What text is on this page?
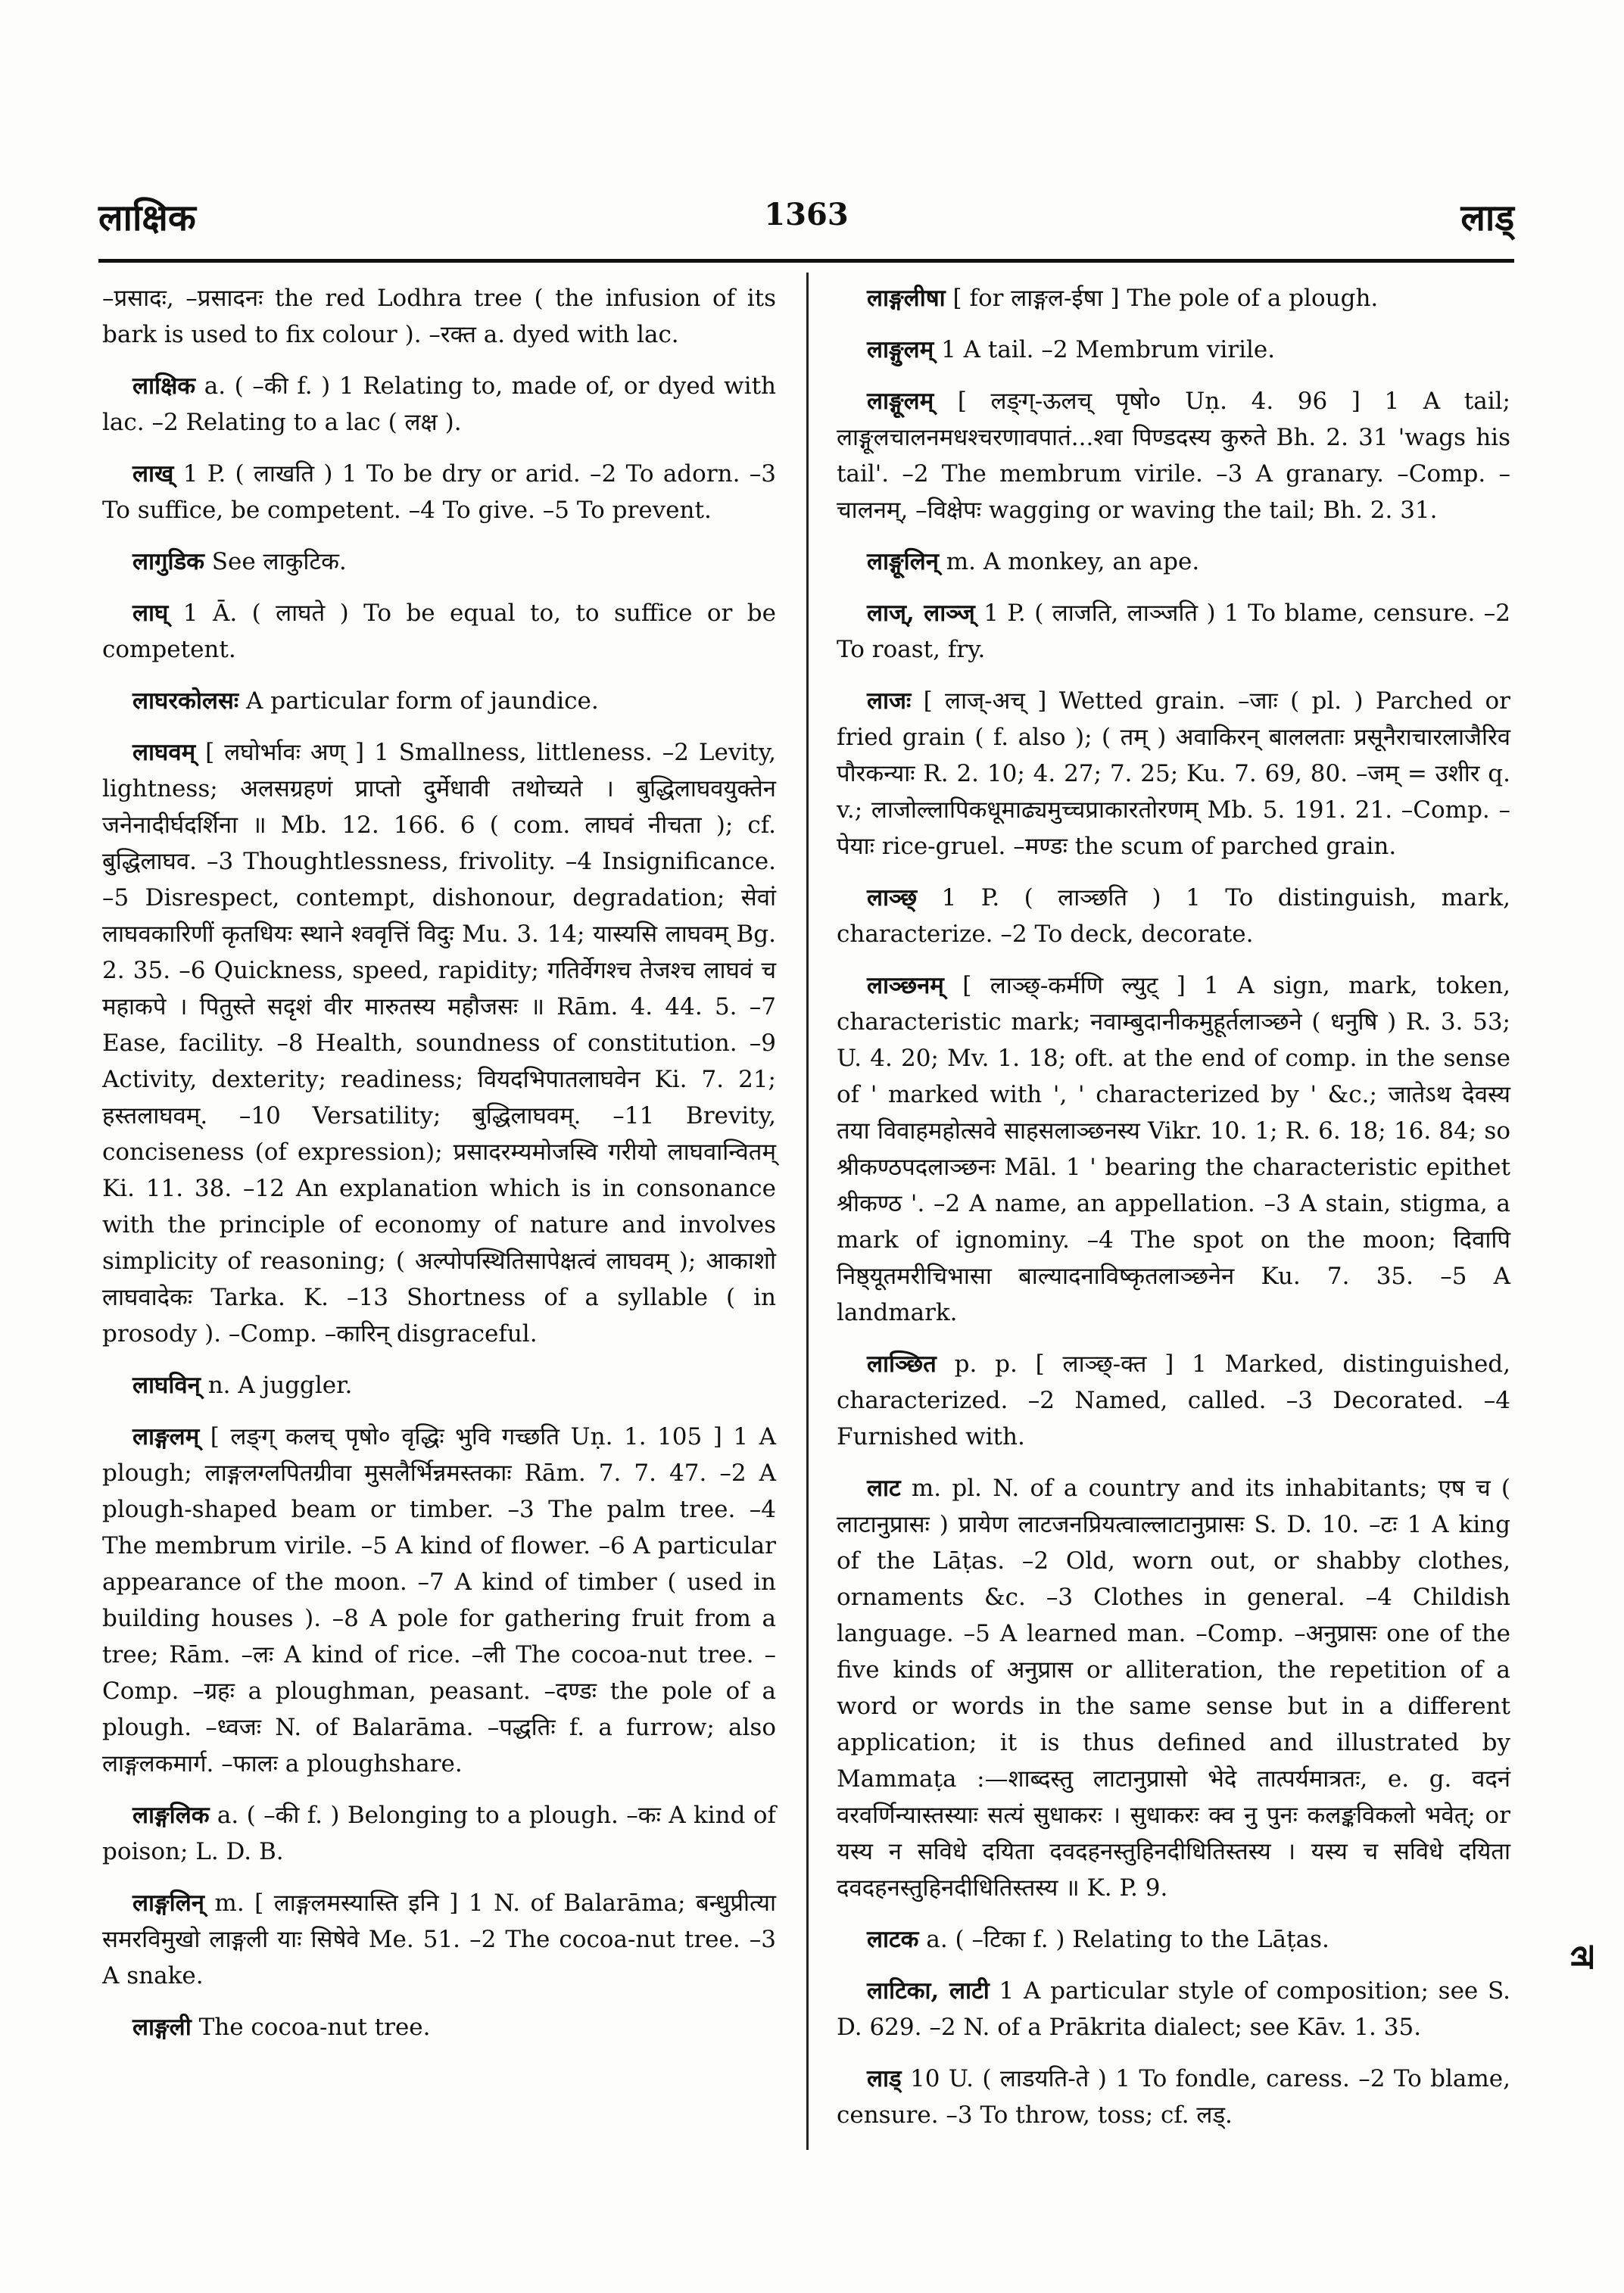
लाक्षिक	1363	लाड्

–प्रसादः, –प्रसादनः the red Lodhra tree ( the infusion of its bark is used to fix colour ). –रक्त a. dyed with lac.

लाक्षिक a. ( –की f. ) 1 Relating to, made of, or dyed with lac. –2 Relating to a lac ( लक्ष ).

लाख् 1 P. ( लाखति ) 1 To be dry or arid. –2 To adorn. –3 To suffice, be competent. –4 To give. –5 To prevent.

लागुडिक See लाकुटिक.

लाघ् 1 Ā. ( लाघते ) To be equal to, to suffice or be competent.

लाघरकोलसः A particular form of jaundice.

लाघवम् [ लघोर्भावः अण् ] 1 Smallness, littleness. –2 Levity, lightness; अलसग्रहणं प्राप्तो दुर्मेधावी तथोच्यते । बुद्धिलाघवयुक्तेन जनेनादीर्घदर्शिना ॥ Mb. 12. 166. 6 ( com. लाघवं नीचता ); cf. बुद्धिलाघव. –3 Thoughtlessness, frivolity. –4 Insignificance. –5 Disrespect, contempt, dishonour, degradation; सेवां लाघवकारिणीं कृतधियः स्थाने श्ववृत्तिं विदुः Mu. 3. 14; यास्यसि लाघवम् Bg. 2. 35. –6 Quickness, speed, rapidity; गतिर्वेगश्च तेजश्च लाघवं च महाकपे । पितुस्ते सदृशं वीर मारुतस्य महौजसः ॥ Rām. 4. 44. 5. –7 Ease, facility. –8 Health, soundness of constitution. –9 Activity, dexterity; readiness; वियदभिपातलाघवेन Ki. 7. 21; हस्तलाघवम्. –10 Versatility; बुद्धिलाघवम्. –11 Brevity, conciseness (of expression); प्रसादरम्यमोजस्वि गरीयो लाघवान्वितम् Ki. 11. 38. –12 An explanation which is in consonance with the principle of economy of nature and involves simplicity of reasoning; ( अल्पोपस्थितिसापेक्षत्वं लाघवम् ); आकाशो लाघवादेकः Tarka. K. –13 Shortness of a syllable ( in prosody ). –Comp. –कारिन् disgraceful.

लाघविन् n. A juggler.

लाङ्गलम् [ लङ्ग् कलच् पृषो० वृद्धिः भुवि गच्छति Uṇ. 1. 105 ] 1 A plough; लाङ्गलग्लपितग्रीवा मुसलैर्भिन्नमस्तकाः Rām. 7. 7. 47. –2 A plough-shaped beam or timber. –3 The palm tree. –4 The membrum virile. –5 A kind of flower. –6 A particular appearance of the moon. –7 A kind of timber ( used in building houses ). –8 A pole for gathering fruit from a tree; Rām. –लः A kind of rice. –ली The cocoa-nut tree. –Comp. –ग्रहः a ploughman, peasant. –दण्डः the pole of a plough. –ध्वजः N. of Balarāma. –पद्धतिः f. a furrow; also लाङ्गलकमार्ग. –फालः a ploughshare.

लाङ्गलिक a. ( –की f. ) Belonging to a plough. –कः A kind of poison; L. D. B.

लाङ्गलिन् m. [ लाङ्गलमस्यास्ति इनि ] 1 N. of Balarāma; बन्धुप्रीत्या समरविमुखो लाङ्गली याः सिषेवे Me. 51. –2 The cocoa-nut tree. –3 A snake.

लाङ्गली The cocoa-nut tree.

लाङ्गलीषा [ for लाङ्गल-ईषा ] The pole of a plough.

लाङ्गुलम् 1 A tail. –2 Membrum virile.

लाङ्गूलम् [ लङ्ग्-ऊलच् पृषो० Uṇ. 4. 96 ] 1 A tail; लाङ्गूलचालनमधश्चरणावपातं...श्वा पिण्डदस्य कुरुते Bh. 2. 31 'wags his tail'. –2 The membrum virile. –3 A granary. –Comp. –चालनम्, –विक्षेपः wagging or waving the tail; Bh. 2. 31.

लाङ्गूलिन् m. A monkey, an ape.

लाज्, लाञ्ज् 1 P. ( लाजति, लाञ्जति ) 1 To blame, censure. –2 To roast, fry.

लाजः [ लाज्-अच् ] Wetted grain. –जाः ( pl. ) Parched or fried grain ( f. also ); ( तम् ) अवाकिरन् बाललताः प्रसूनैराचारलाजैरिव पौरकन्याः R. 2. 10; 4. 27; 7. 25; Ku. 7. 69, 80. –जम् = उशीर q. v.; लाजोल्लापिकधूमाढ्यमुच्चप्राकारतोरणम् Mb. 5. 191. 21. –Comp. –पेयाः rice-gruel. –मण्डः the scum of parched grain.

लाञ्छ् 1 P. ( लाञ्छति ) 1 To distinguish, mark, characterize. –2 To deck, decorate.

लाञ्छनम् [ लाञ्छ्-कर्मणि ल्युट् ] 1 A sign, mark, token, characteristic mark; नवाम्बुदानीकमुहूर्तलाञ्छने ( धनुषि ) R. 3. 53; U. 4. 20; Mv. 1. 18; oft. at the end of comp. in the sense of ' marked with ', ' characterized by ' &c.; जातेऽथ देवस्य तया विवाहमहोत्सवे साहसलाञ्छनस्य Vikr. 10. 1; R. 6. 18; 16. 84; so श्रीकण्ठपदलाञ्छनः Māl. 1 ' bearing the characteristic epithet श्रीकण्ठ '. –2 A name, an appellation. –3 A stain, stigma, a mark of ignominy. –4 The spot on the moon; दिवापि निष्ठ्यूतमरीचिभासा बाल्यादनाविष्कृतलाञ्छनेन Ku. 7. 35. –5 A landmark.

लाञ्छित p. p. [ लाञ्छ्-क्त ] 1 Marked, distinguished, characterized. –2 Named, called. –3 Decorated. –4 Furnished with.

लाट m. pl. N. of a country and its inhabitants; एष च ( लाटानुप्रासः ) प्रायेण लाटजनप्रियत्वाल्लाटानुप्रासः S. D. 10. –टः 1 A king of the Lāṭas. –2 Old, worn out, or shabby clothes, ornaments &c. –3 Clothes in general. –4 Childish language. –5 A learned man. –Comp. –अनुप्रासः one of the five kinds of अनुप्रास or alliteration, the repetition of a word or words in the same sense but in a different application; it is thus defined and illustrated by Mammaṭa :—शाब्दस्तु लाटानुप्रासो भेदे तात्पर्यमात्रतः, e. g. वदनं वरवर्णिन्यास्तस्याः सत्यं सुधाकरः । सुधाकरः क्व नु पुनः कलङ्कविकलो भवेत्; or यस्य न सविधे दयिता दवदहनस्तुहिनदीधितिस्तस्य । यस्य च सविधे दयिता दवदहनस्तुहिनदीधितिस्तस्य ॥ K. P. 9.

लाटक a. ( –टिका f. ) Relating to the Lāṭas.

लाटिका, लाटी 1 A particular style of composition; see S. D. 629. –2 N. of a Prākrita dialect; see Kāv. 1. 35.

लाड् 10 U. ( लाडयति-ते ) 1 To fondle, caress. –2 To blame, censure. –3 To throw, toss; cf. लड्.

ल
